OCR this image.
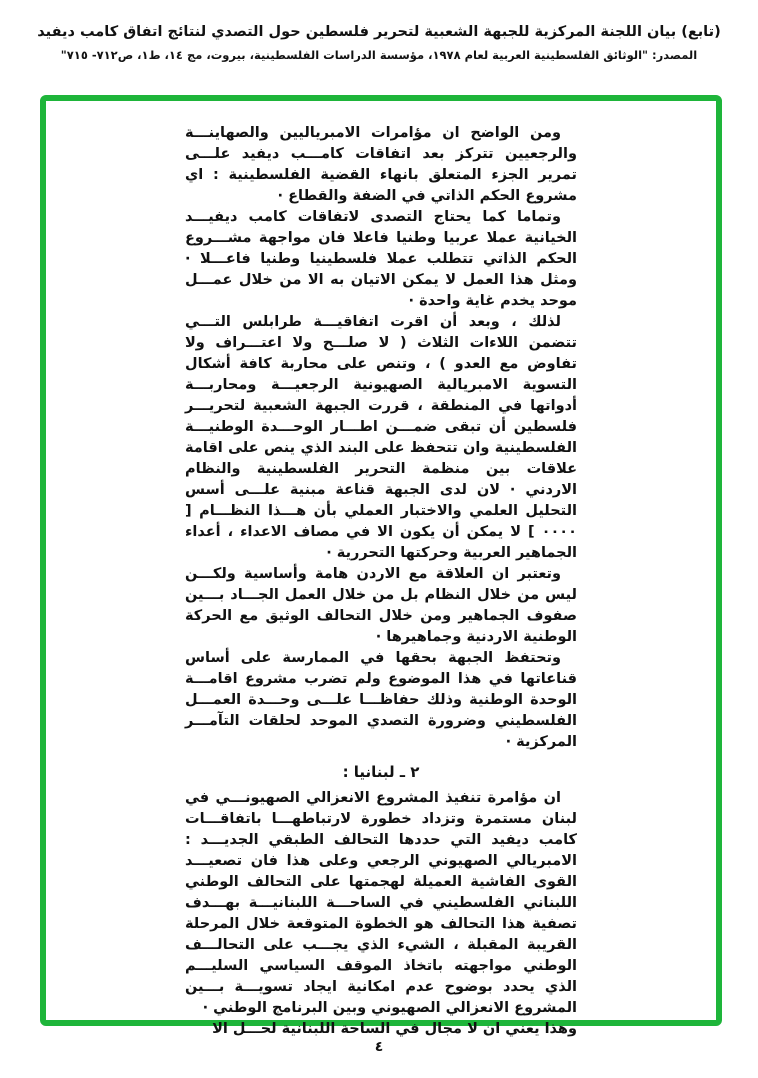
(تابع) بيان اللجنة المركزية للجبهة الشعبية لتحرير فلسطين حول التصدي لنتائج اتفاق كامب ديفيد
المصدر: "الوثائق الفلسطينية العربية لعام ١٩٧٨، مؤسسة الدراسات الفلسطينية، بيروت، مج ١٤، ط١، ص٧١٢- ٧١٥"

ومن الواضح ان مؤامرات الامبرياليين والصهاينـــة والرجعيين تتركز بعد اتفاقات كامـــب ديفيد علـــى تمرير الجزء المتعلق بانهاء القضية الفلسطينية : اي مشروع الحكم الذاتي في الضفة والقطاع ·

وتماما كما يحتاج التصدى لاتفاقات كامب ديفيـــد الخيانية عملا عربيا وطنيا فاعلا فان مواجهة مشـــروع الحكم الذاتي تتطلب عملا فلسطينيا وطنيا فاعـــلا · ومثل هذا العمل لا يمكن الاتيان به الا من خلال عمـــل موحد يخدم غاية واحدة ·

لذلك ، وبعد أن اقرت اتفاقيـــة طرابلس التـــي تتضمن اللاءات الثلاث ( لا صلـــح ولا اعتـــراف ولا تفاوض مع العدو ) ، وتنص على محاربة كافة أشكال التسوية الامبريالية الصهيونية الرجعيـــة ومحاربـــة أدواتها في المنطقة ، قررت الجبهة الشعبية لتحريـــر فلسطين أن تبقى ضمـــن اطـــار الوحـــدة الوطنيـــة الفلسطينية وان تتحفظ على البند الذي ينص على اقامة علاقات بين منظمة التحرير الفلسطينية والنظام الاردني · لان لدى الجبهة قناعة مبنية علـــى أسس التحليل العلمي والاختبار العملي بأن هـــذا النظـــام [ ٠٠٠٠ ] لا يمكن أن يكون الا في مصاف الاعداء ، أعداء الجماهير العربية وحركتها التحررية ·

وتعتبر ان العلاقة مع الاردن هامة وأساسية ولكـــن ليس من خلال النظام بل من خلال العمل الجـــاد بـــين صفوف الجماهير ومن خلال التحالف الوثيق مع الحركة الوطنية الاردنية وجماهيرها ·

وتحتفظ الجبهة بحقها في الممارسة على أساس قناعاتها في هذا الموضوع ولم تضرب مشروع اقامـــة الوحدة الوطنية وذلك حفاظـــا علـــى وحـــدة العمـــل الفلسطيني وضرورة التصدي الموحد لحلقات التآمـــر المركزية ·

٢ ـ لبنانيا :

ان مؤامرة تنفيذ المشروع الانعزالي الصهيونـــي في لبنان مستمرة وتزداد خطورة لارتباطهـــا باتفاقـــات كامب ديفيد التي حددها التحالف الطبقي الجديـــد : الامبريالي الصهيوني الرجعي وعلى هذا فان تصعيـــد القوى الفاشية العميلة لهجمتها على التحالف الوطني اللبناني الفلسطيني في الساحـــة اللبنانيـــة بهـــدف تصفية هذا التحالف هو الخطوة المتوقعة خلال المرحلة القريبة المقبلة ، الشيء الذي يجـــب على التحالـــف الوطني مواجهته باتخاذ الموقف السياسي السليـــم الذي يحدد بوضوح عدم امكانية ايجاد تسويـــة بـــين المشروع الانعزالي الصهيوني وبين البرنامج الوطني ·

وهذا يعني ان لا مجال في الساحة اللبنانية لحـــل الا

٤
